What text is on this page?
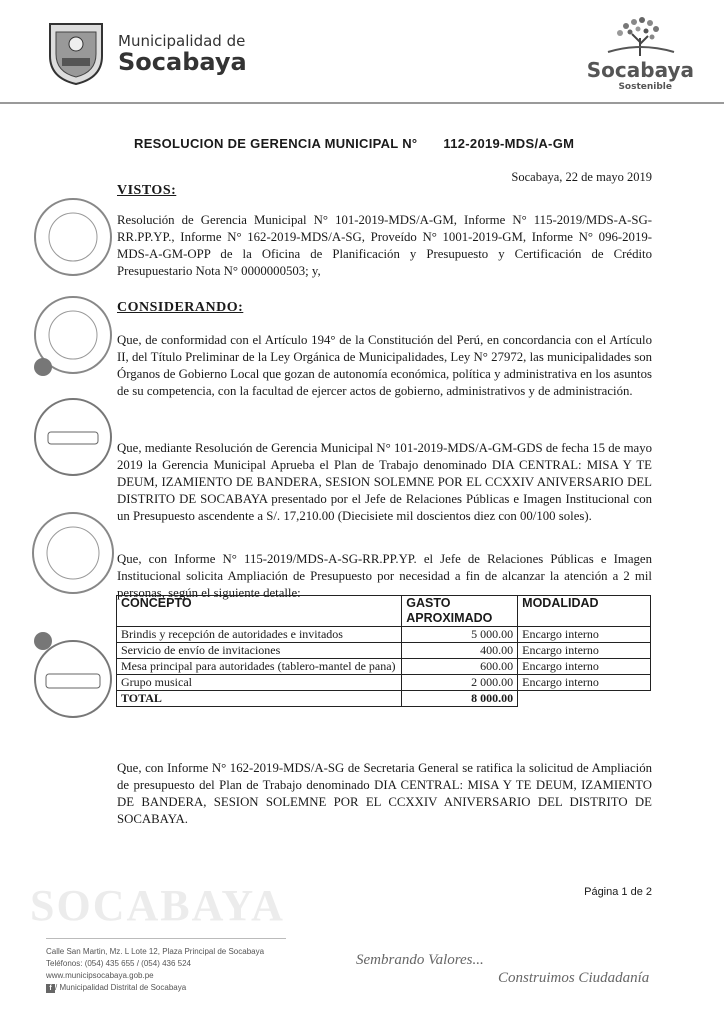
SOCABAYA
Municipalidad de
Socabaya	Socabaya
Sostenible
RESOLUCION DE GERENCIA MUNICIPAL N° 112-2019-MDS/A-GM
Socabaya, 22 de mayo 2019
VISTOS:
Resolución de Gerencia Municipal N° 101-2019-MDS/A-GM, Informe N° 115-2019/MDS-A-SG-RR.PP.YP., Informe N° 162-2019-MDS/A-SG, Proveído N° 1001-2019-GM, Informe N° 096-2019-MDS-A-GM-OPP de la Oficina de Planificación y Presupuesto y Certificación de Crédito Presupuestario Nota N° 0000000503; y,
CONSIDERANDO:
Que, de conformidad con el Artículo 194° de la Constitución del Perú, en concordancia con el Artículo II, del Título Preliminar de la Ley Orgánica de Municipalidades, Ley N° 27972, las municipalidades son Órganos de Gobierno Local que gozan de autonomía económica, política y administrativa en los asuntos de su competencia, con la facultad de ejercer actos de gobierno, administrativos y de administración.
Que, mediante Resolución de Gerencia Municipal N° 101-2019-MDS/A-GM-GDS de fecha 15 de mayo 2019 la Gerencia Municipal Aprueba el Plan de Trabajo denominado DIA CENTRAL: MISA Y TE DEUM, IZAMIENTO DE BANDERA, SESION SOLEMNE POR EL CCXXIV ANIVERSARIO DEL DISTRITO DE SOCABAYA presentado por el Jefe de Relaciones Públicas e Imagen Institucional con un Presupuesto ascendente a S/. 17,210.00 (Diecisiete mil doscientos diez con 00/100 soles).
Que, con Informe N° 115-2019/MDS-A-SG-RR.PP.YP. el Jefe de Relaciones Públicas e Imagen Institucional solicita Ampliación de Presupuesto por necesidad a fin de alcanzar la atención a 2 mil personas, según el siguiente detalle:
CONCEPTO	GASTO APROXIMADO	MODALIDAD
Brindis y recepción de autoridades e invitados	5 000.00	Encargo interno
Servicio de envío de invitaciones	400.00	Encargo interno
Mesa principal para autoridades (tablero-mantel de pana)	600.00	Encargo interno
Grupo musical	2 000.00	Encargo interno
TOTAL	8 000.00	
Que, con Informe N° 162-2019-MDS/A-SG de Secretaria General se ratifica la solicitud de Ampliación de presupuesto del Plan de Trabajo denominado DIA CENTRAL: MISA Y TE DEUM, IZAMIENTO DE BANDERA, SESION SOLEMNE POR EL CCXXIV ANIVERSARIO DEL DISTRITO DE SOCABAYA.
Página 1 de 2
Calle San Martin, Mz. L Lote 12, Plaza Principal de Socabaya
Teléfonos: (054) 435 655 / (054) 436 524
www.municipsocabaya.gob.pe
f / Municipalidad Distrital de Socabaya
Sembrando Valores...
Construimos Ciudadanía
